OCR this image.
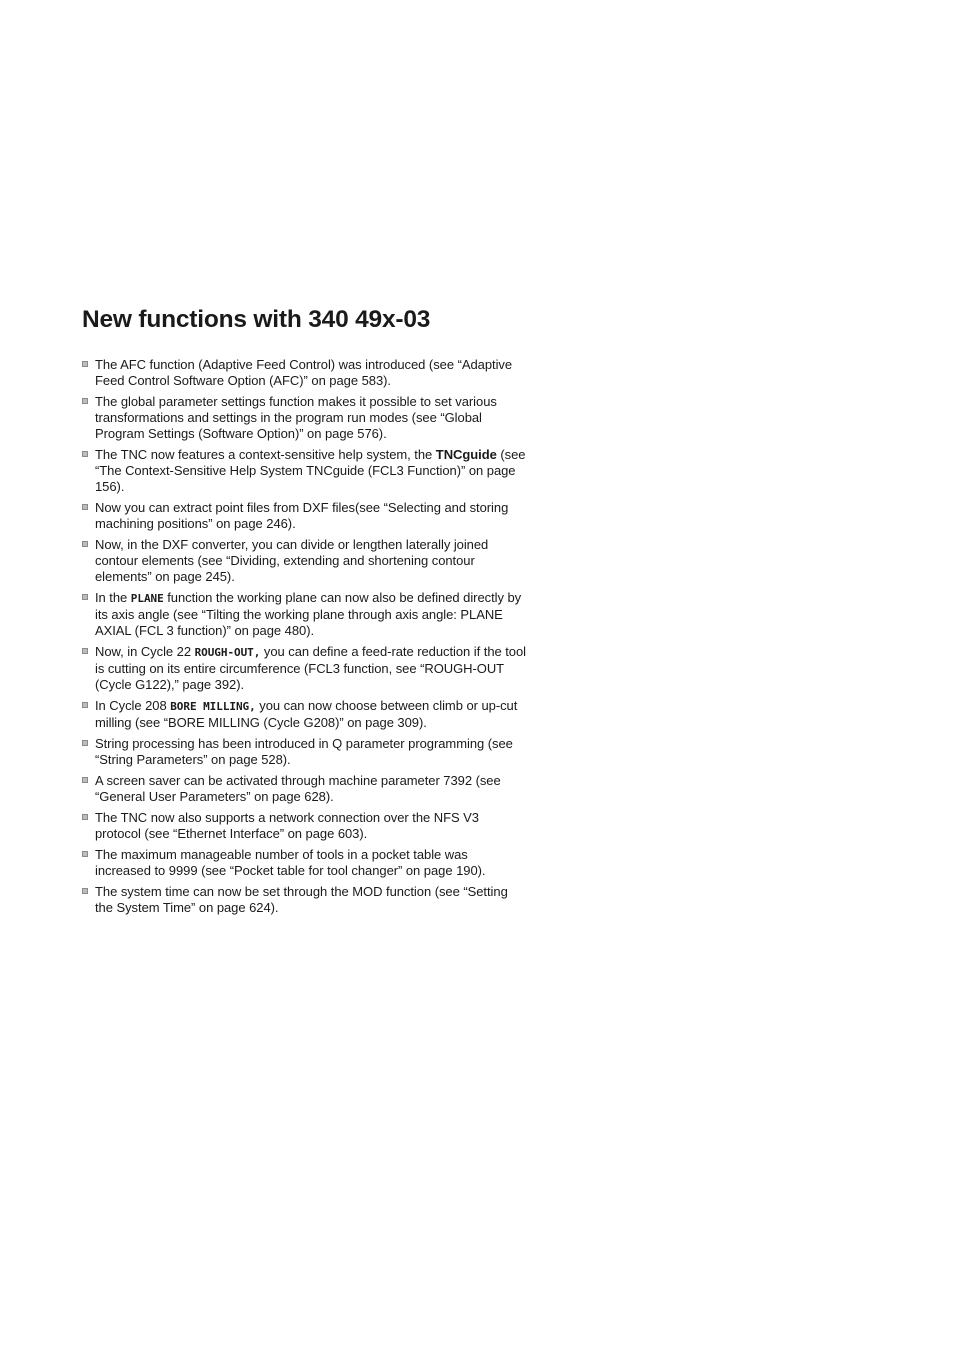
New functions with 340 49x-03
The AFC function (Adaptive Feed Control) was introduced (see “Adaptive Feed Control Software Option (AFC)” on page 583).
The global parameter settings function makes it possible to set various transformations and settings in the program run modes (see “Global Program Settings (Software Option)” on page 576).
The TNC now features a context-sensitive help system, the TNCguide (see “The Context-Sensitive Help System TNCguide (FCL3 Function)” on page 156).
Now you can extract point files from DXF files(see “Selecting and storing machining positions” on page 246).
Now, in the DXF converter, you can divide or lengthen laterally joined contour elements (see “Dividing, extending and shortening contour elements” on page 245).
In the PLANE function the working plane can now also be defined directly by its axis angle (see “Tilting the working plane through axis angle: PLANE AXIAL (FCL 3 function)” on page 480).
Now, in Cycle 22 ROUGH-OUT, you can define a feed-rate reduction if the tool is cutting on its entire circumference (FCL3 function, see “ROUGH-OUT (Cycle G122),” page 392).
In Cycle 208 BORE MILLING, you can now choose between climb or up-cut milling (see “BORE MILLING (Cycle G208)” on page 309).
String processing has been introduced in Q parameter programming (see “String Parameters” on page 528).
A screen saver can be activated through machine parameter 7392 (see “General User Parameters” on page 628).
The TNC now also supports a network connection over the NFS V3 protocol (see “Ethernet Interface” on page 603).
The maximum manageable number of tools in a pocket table was increased to 9999 (see “Pocket table for tool changer” on page 190).
The system time can now be set through the MOD function (see “Setting the System Time” on page 624).
